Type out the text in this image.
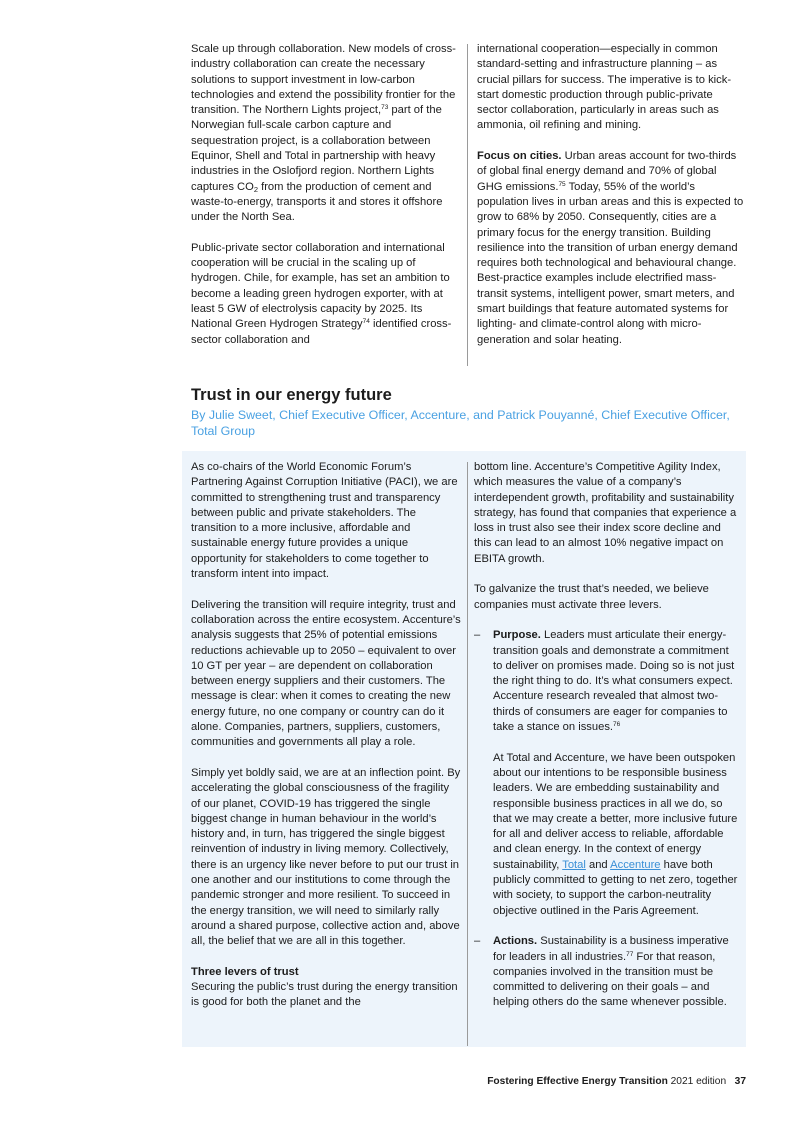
Scale up through collaboration. New models of cross-industry collaboration can create the necessary solutions to support investment in low-carbon technologies and extend the possibility frontier for the transition. The Northern Lights project,$^{73}$ part of the Norwegian full-scale carbon capture and sequestration project, is a collaboration between Equinor, Shell and Total in partnership with heavy industries in the Oslofjord region. Northern Lights captures $CO_2$ from the production of cement and waste-to-energy, transports it and stores it offshore under the North Sea.

Public-private sector collaboration and international cooperation will be crucial in the scaling up of hydrogen. Chile, for example, has set an ambition to become a leading green hydrogen exporter, with at least 5 GW of electrolysis capacity by 2025. Its National Green Hydrogen Strategy$^{74}$ identified cross-sector collaboration and

international cooperation—especially in common standard-setting and infrastructure planning – as crucial pillars for success. The imperative is to kick-start domestic production through public-private sector collaboration, particularly in areas such as ammonia, oil refining and mining.

Focus on cities. Urban areas account for two-thirds of global final energy demand and 70% of global GHG emissions.$^{75}$ Today, 55% of the world’s population lives in urban areas and this is expected to grow to 68% by 2050. Consequently, cities are a primary focus for the energy transition. Building resilience into the transition of urban energy demand requires both technological and behavioural change. Best-practice examples include electrified mass-transit systems, intelligent power, smart meters, and smart buildings that feature automated systems for lighting- and climate-control along with micro-generation and solar heating.

Trust in our energy future
By Julie Sweet, Chief Executive Officer, Accenture, and Patrick Pouyanné, Chief Executive Officer, Total Group

As co-chairs of the World Economic Forum’s Partnering Against Corruption Initiative (PACI), we are committed to strengthening trust and transparency between public and private stakeholders. The transition to a more inclusive, affordable and sustainable energy future provides a unique opportunity for stakeholders to come together to transform intent into impact.

Delivering the transition will require integrity, trust and collaboration across the entire ecosystem. Accenture’s analysis suggests that 25% of potential emissions reductions achievable up to 2050 – equivalent to over 10 GT per year – are dependent on collaboration between energy suppliers and their customers. The message is clear: when it comes to creating the new energy future, no one company or country can do it alone. Companies, partners, suppliers, customers, communities and governments all play a role.

Simply yet boldly said, we are at an inflection point. By accelerating the global consciousness of the fragility of our planet, COVID-19 has triggered the single biggest change in human behaviour in the world’s history and, in turn, has triggered the single biggest reinvention of industry in living memory. Collectively, there is an urgency like never before to put our trust in one another and our institutions to come through the pandemic stronger and more resilient. To succeed in the energy transition, we will need to similarly rally around a shared purpose, collective action and, above all, the belief that we are all in this together.

Three levers of trust

Securing the public’s trust during the energy transition is good for both the planet and the

bottom line. Accenture’s Competitive Agility Index, which measures the value of a company’s interdependent growth, profitability and sustainability strategy, has found that companies that experience a loss in trust also see their index score decline and this can lead to an almost 10% negative impact on EBITA growth.

To galvanize the trust that’s needed, we believe companies must activate three levers.

– Purpose. Leaders must articulate their energy-transition goals and demonstrate a commitment to deliver on promises made. Doing so is not just the right thing to do. It’s what consumers expect. Accenture research revealed that almost two-thirds of consumers are eager for companies to take a stance on issues.$^{76}$

At Total and Accenture, we have been outspoken about our intentions to be responsible business leaders. We are embedding sustainability and responsible business practices in all we do, so that we may create a better, more inclusive future for all and deliver access to reliable, affordable and clean energy. In the context of energy sustainability, Total and Accenture have both publicly committed to getting to net zero, together with society, to support the carbon-neutrality objective outlined in the Paris Agreement.

– Actions. Sustainability is a business imperative for leaders in all industries.$^{77}$ For that reason, companies involved in the transition must be committed to delivering on their goals – and helping others do the same whenever possible.

Fostering Effective Energy Transition 2021 edition 37
